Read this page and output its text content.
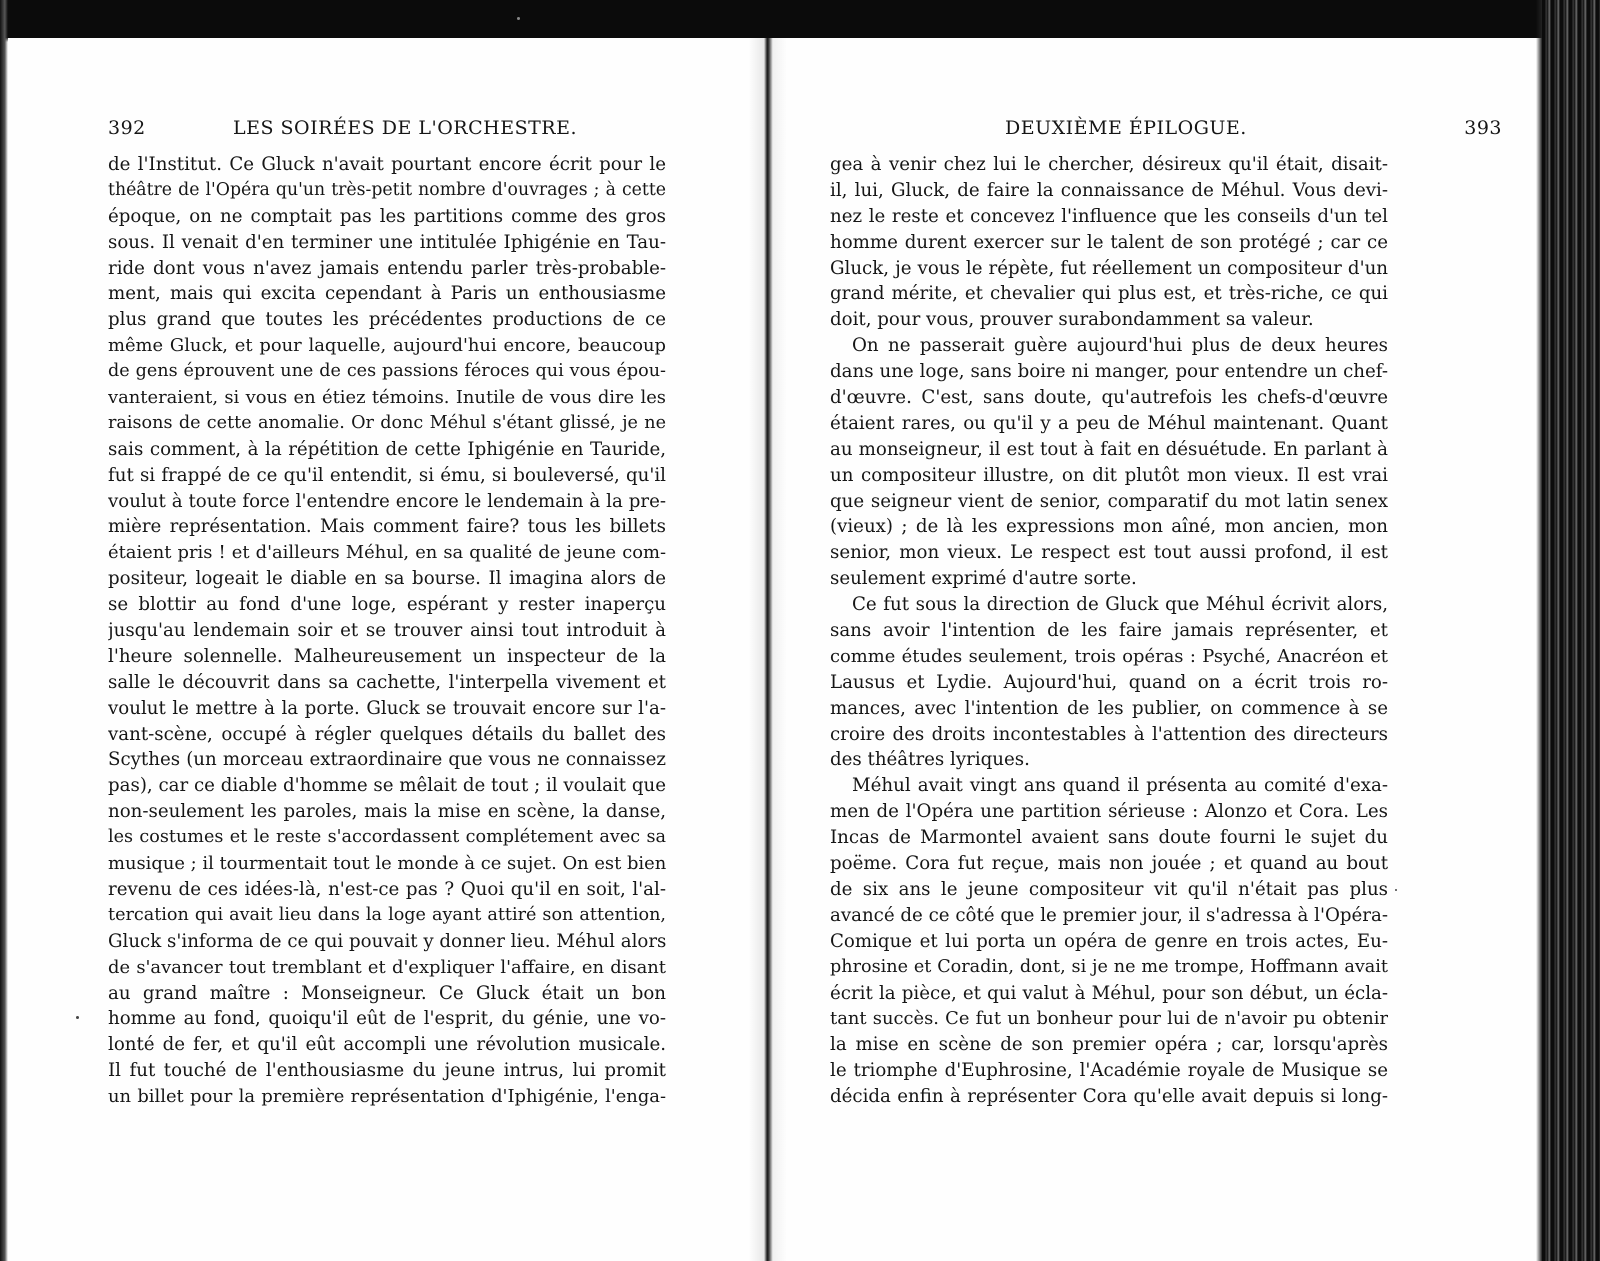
392	LES SOIRÉES DE L'ORCHESTRE.
de l'Institut. Ce Gluck n'avait pourtant encore écrit pour le
théâtre de l'Opéra qu'un très-petit nombre d'ouvrages ; à cette
époque, on ne comptait pas les partitions comme des gros
sous. Il venait d'en terminer une intitulée Iphigénie en Tau-
ride dont vous n'avez jamais entendu parler très-probable-
ment, mais qui excita cependant à Paris un enthousiasme
plus grand que toutes les précédentes productions de ce
même Gluck, et pour laquelle, aujourd'hui encore, beaucoup
de gens éprouvent une de ces passions féroces qui vous épou-
vanteraient, si vous en étiez témoins. Inutile de vous dire les
raisons de cette anomalie. Or donc Méhul s'étant glissé, je ne
sais comment, à la répétition de cette Iphigénie en Tauride,
fut si frappé de ce qu'il entendit, si ému, si bouleversé, qu'il
voulut à toute force l'entendre encore le lendemain à la pre-
mière représentation. Mais comment faire? tous les billets
étaient pris ! et d'ailleurs Méhul, en sa qualité de jeune com-
positeur, logeait le diable en sa bourse. Il imagina alors de
se blottir au fond d'une loge, espérant y rester inaperçu
jusqu'au lendemain soir et se trouver ainsi tout introduit à
l'heure solennelle. Malheureusement un inspecteur de la
salle le découvrit dans sa cachette, l'interpella vivement et
voulut le mettre à la porte. Gluck se trouvait encore sur l'a-
vant-scène, occupé à régler quelques détails du ballet des
Scythes (un morceau extraordinaire que vous ne connaissez
pas), car ce diable d'homme se mêlait de tout ; il voulait que
non-seulement les paroles, mais la mise en scène, la danse,
les costumes et le reste s'accordassent complétement avec sa
musique ; il tourmentait tout le monde à ce sujet. On est bien
revenu de ces idées-là, n'est-ce pas ? Quoi qu'il en soit, l'al-
tercation qui avait lieu dans la loge ayant attiré son attention,
Gluck s'informa de ce qui pouvait y donner lieu. Méhul alors
de s'avancer tout tremblant et d'expliquer l'affaire, en disant
au grand maître : Monseigneur. Ce Gluck était un bon
homme au fond, quoiqu'il eût de l'esprit, du génie, une vo-
lonté de fer, et qu'il eût accompli une révolution musicale.
Il fut touché de l'enthousiasme du jeune intrus, lui promit
un billet pour la première représentation d'Iphigénie, l'enga-
DEUXIÈME ÉPILOGUE.	393
gea à venir chez lui le chercher, désireux qu'il était, disait-
il, lui, Gluck, de faire la connaissance de Méhul. Vous devi-
nez le reste et concevez l'influence que les conseils d'un tel
homme durent exercer sur le talent de son protégé ; car ce
Gluck, je vous le répète, fut réellement un compositeur d'un
grand mérite, et chevalier qui plus est, et très-riche, ce qui
doit, pour vous, prouver surabondamment sa valeur.
On ne passerait guère aujourd'hui plus de deux heures
dans une loge, sans boire ni manger, pour entendre un chef-
d'œuvre. C'est, sans doute, qu'autrefois les chefs-d'œuvre
étaient rares, ou qu'il y a peu de Méhul maintenant. Quant
au monseigneur, il est tout à fait en désuétude. En parlant à
un compositeur illustre, on dit plutôt mon vieux. Il est vrai
que seigneur vient de senior, comparatif du mot latin senex
(vieux) ; de là les expressions mon aîné, mon ancien, mon
senior, mon vieux. Le respect est tout aussi profond, il est
seulement exprimé d'autre sorte.
Ce fut sous la direction de Gluck que Méhul écrivit alors,
sans avoir l'intention de les faire jamais représenter, et
comme études seulement, trois opéras : Psyché, Anacréon et
Lausus et Lydie. Aujourd'hui, quand on a écrit trois ro-
mances, avec l'intention de les publier, on commence à se
croire des droits incontestables à l'attention des directeurs
des théâtres lyriques.
Méhul avait vingt ans quand il présenta au comité d'exa-
men de l'Opéra une partition sérieuse : Alonzo et Cora. Les
Incas de Marmontel avaient sans doute fourni le sujet du
poëme. Cora fut reçue, mais non jouée ; et quand au bout
de six ans le jeune compositeur vit qu'il n'était pas plus
avancé de ce côté que le premier jour, il s'adressa à l'Opéra-
Comique et lui porta un opéra de genre en trois actes, Eu-
phrosine et Coradin, dont, si je ne me trompe, Hoffmann avait
écrit la pièce, et qui valut à Méhul, pour son début, un écla-
tant succès. Ce fut un bonheur pour lui de n'avoir pu obtenir
la mise en scène de son premier opéra ; car, lorsqu'après
le triomphe d'Euphrosine, l'Académie royale de Musique se
décida enfin à représenter Cora qu'elle avait depuis si long-
